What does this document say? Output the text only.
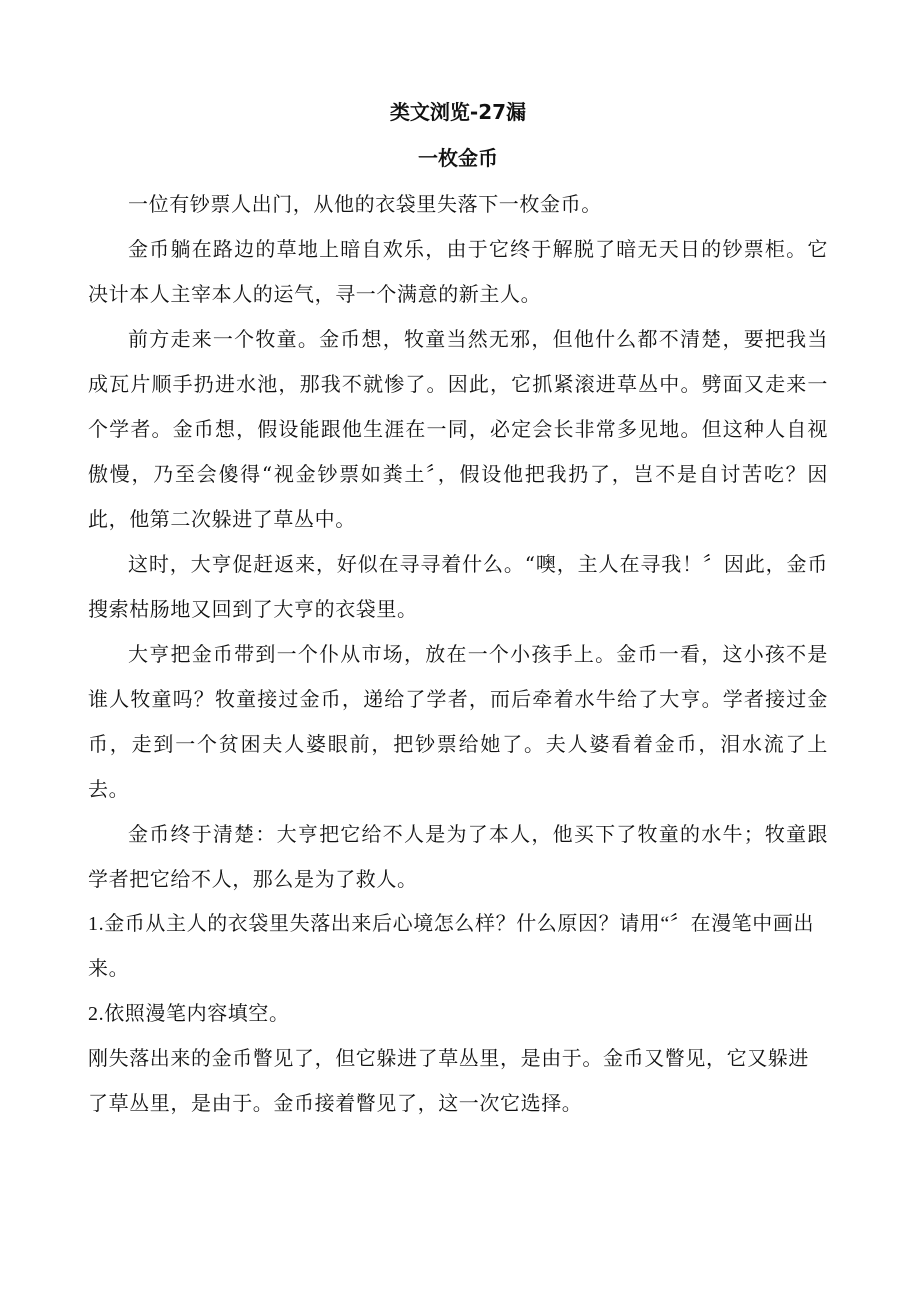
类文浏览-27漏
一枚金币

一位有钞票人出门，从他的衣袋里失落下一枚金币。

金币躺在路边的草地上暗自欢乐，由于它终于解脱了暗无天日的钞票柜。它决计本人主宰本人的运气，寻一个满意的新主人。

前方走来一个牧童。金币想，牧童当然无邪，但他什么都不清楚，要把我当成瓦片顺手扔进水池，那我不就惨了。因此，它抓紧滚进草丛中。劈面又走来一个学者。金币想，假设能跟他生涯在一同，必定会长非常多见地。但这种人自视傲慢，乃至会傻得“视金钞票如粪土〞，假设他把我扔了，岂不是自讨苦吃？因此，他第二次躲进了草丛中。

这时，大亨促赶返来，好似在寻寻着什么。“噢，主人在寻我！〞因此，金币搜索枯肠地又回到了大亨的衣袋里。

大亨把金币带到一个仆从市场，放在一个小孩手上。金币一看，这小孩不是谁人牧童吗？牧童接过金币，递给了学者，而后牵着水牛给了大亨。学者接过金币，走到一个贫困夫人婆眼前，把钞票给她了。夫人婆看着金币，泪水流了上去。

金币终于清楚：大亨把它给不人是为了本人，他买下了牧童的水牛；牧童跟学者把它给不人，那么是为了救人。

1.金币从主人的衣袋里失落出来后心境怎么样？什么原因？请用“〞在漫笔中画出来。

2.依照漫笔内容填空。

刚失落出来的金币瞥见了，但它躲进了草丛里，是由于。金币又瞥见，它又躲进了草丛里，是由于。金币接着瞥见了，这一次它选择。
